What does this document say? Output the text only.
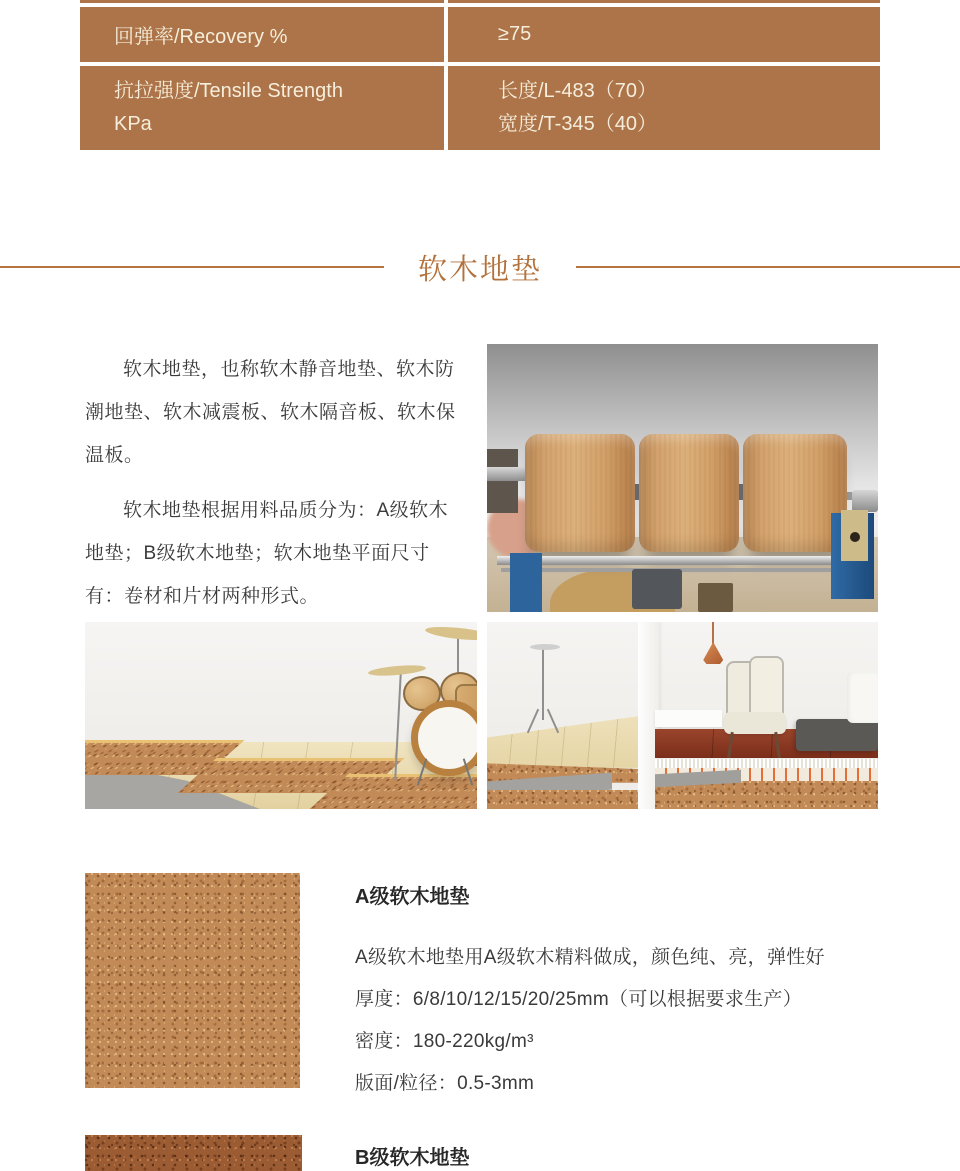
回弹率/Recovery %	≥75
抗拉强度/Tensile Strength
KPa
长度/L-483（70）
宽度/T-345（40）
软木地垫

软木地垫，也称软木静音地垫、软木防潮地垫、软木减震板、软木隔音板、软木保温板。

软木地垫根据用料品质分为：A级软木地垫；B级软木地垫；软木地垫平面尺寸有：卷材和片材两种形式。

A级软木地垫

A级软木地垫用A级软木精料做成，颜色纯、亮，弹性好

厚度：6/8/10/12/15/20/25mm（可以根据要求生产）

密度：180-220kg/m³

版面/粒径：0.5-3mm

B级软木地垫
